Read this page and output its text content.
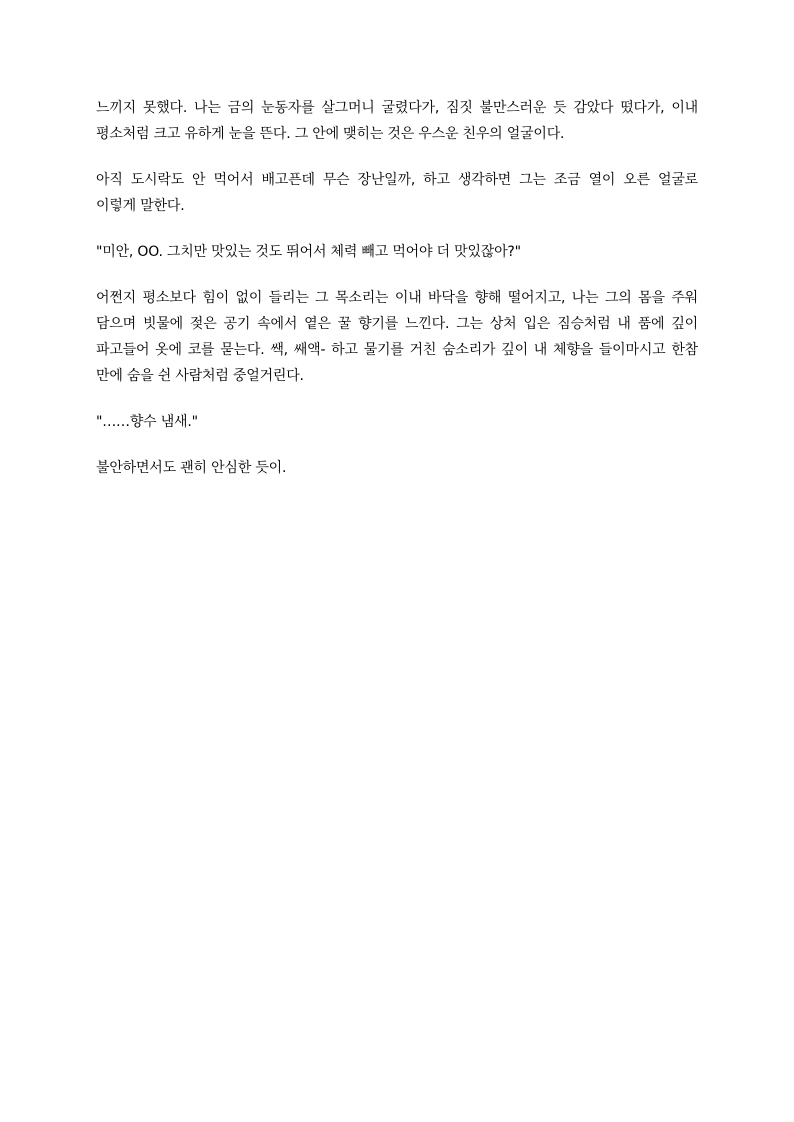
느끼지 못했다. 나는 금의 눈동자를 살그머니 굴렸다가, 짐짓 불만스러운 듯 감았다 떴다가, 이내
평소처럼 크고 유하게 눈을 뜬다. 그 안에 맺히는 것은 우스운 친우의 얼굴이다.

아직 도시락도 안 먹어서 배고픈데 무슨 장난일까, 하고 생각하면 그는 조금 열이 오른 얼굴로
이렇게 말한다.

"미안, OO. 그치만 맛있는 것도 뛰어서 체력 빼고 먹어야 더 맛있잖아?"

어쩐지 평소보다 힘이 없이 들리는 그 목소리는 이내 바닥을 향해 떨어지고, 나는 그의 몸을 주워
담으며 빗물에 젖은 공기 속에서 옅은 꿀 향기를 느낀다. 그는 상처 입은 짐승처럼 내 품에 깊이
파고들어 옷에 코를 묻는다. 쌕, 쌔액- 하고 물기를 거친 숨소리가 깊이 내 체향을 들이마시고 한참
만에 숨을 쉰 사람처럼 중얼거린다.

"……향수 냄새."

불안하면서도 괜히 안심한 듯이.
